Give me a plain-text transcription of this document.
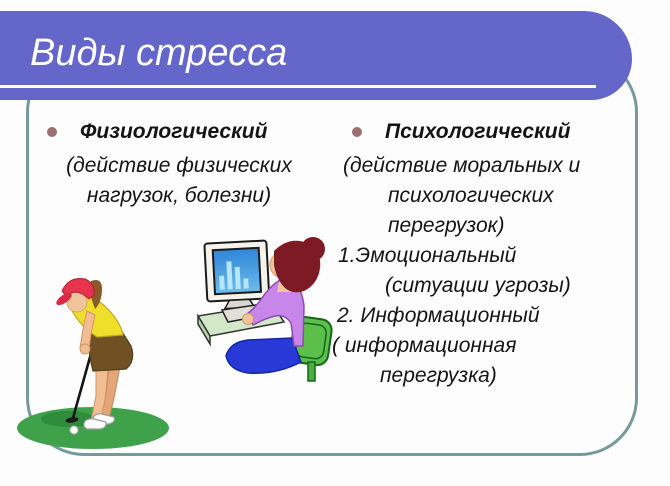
Виды стресса
Физиологический
(действие физических
нагрузок, болезни)
Психологический
(действие моральных и
психологических
перегрузок)
1.Эмоциональный
(ситуации угрозы)
2. Информационный
( информационная
перегрузка)
